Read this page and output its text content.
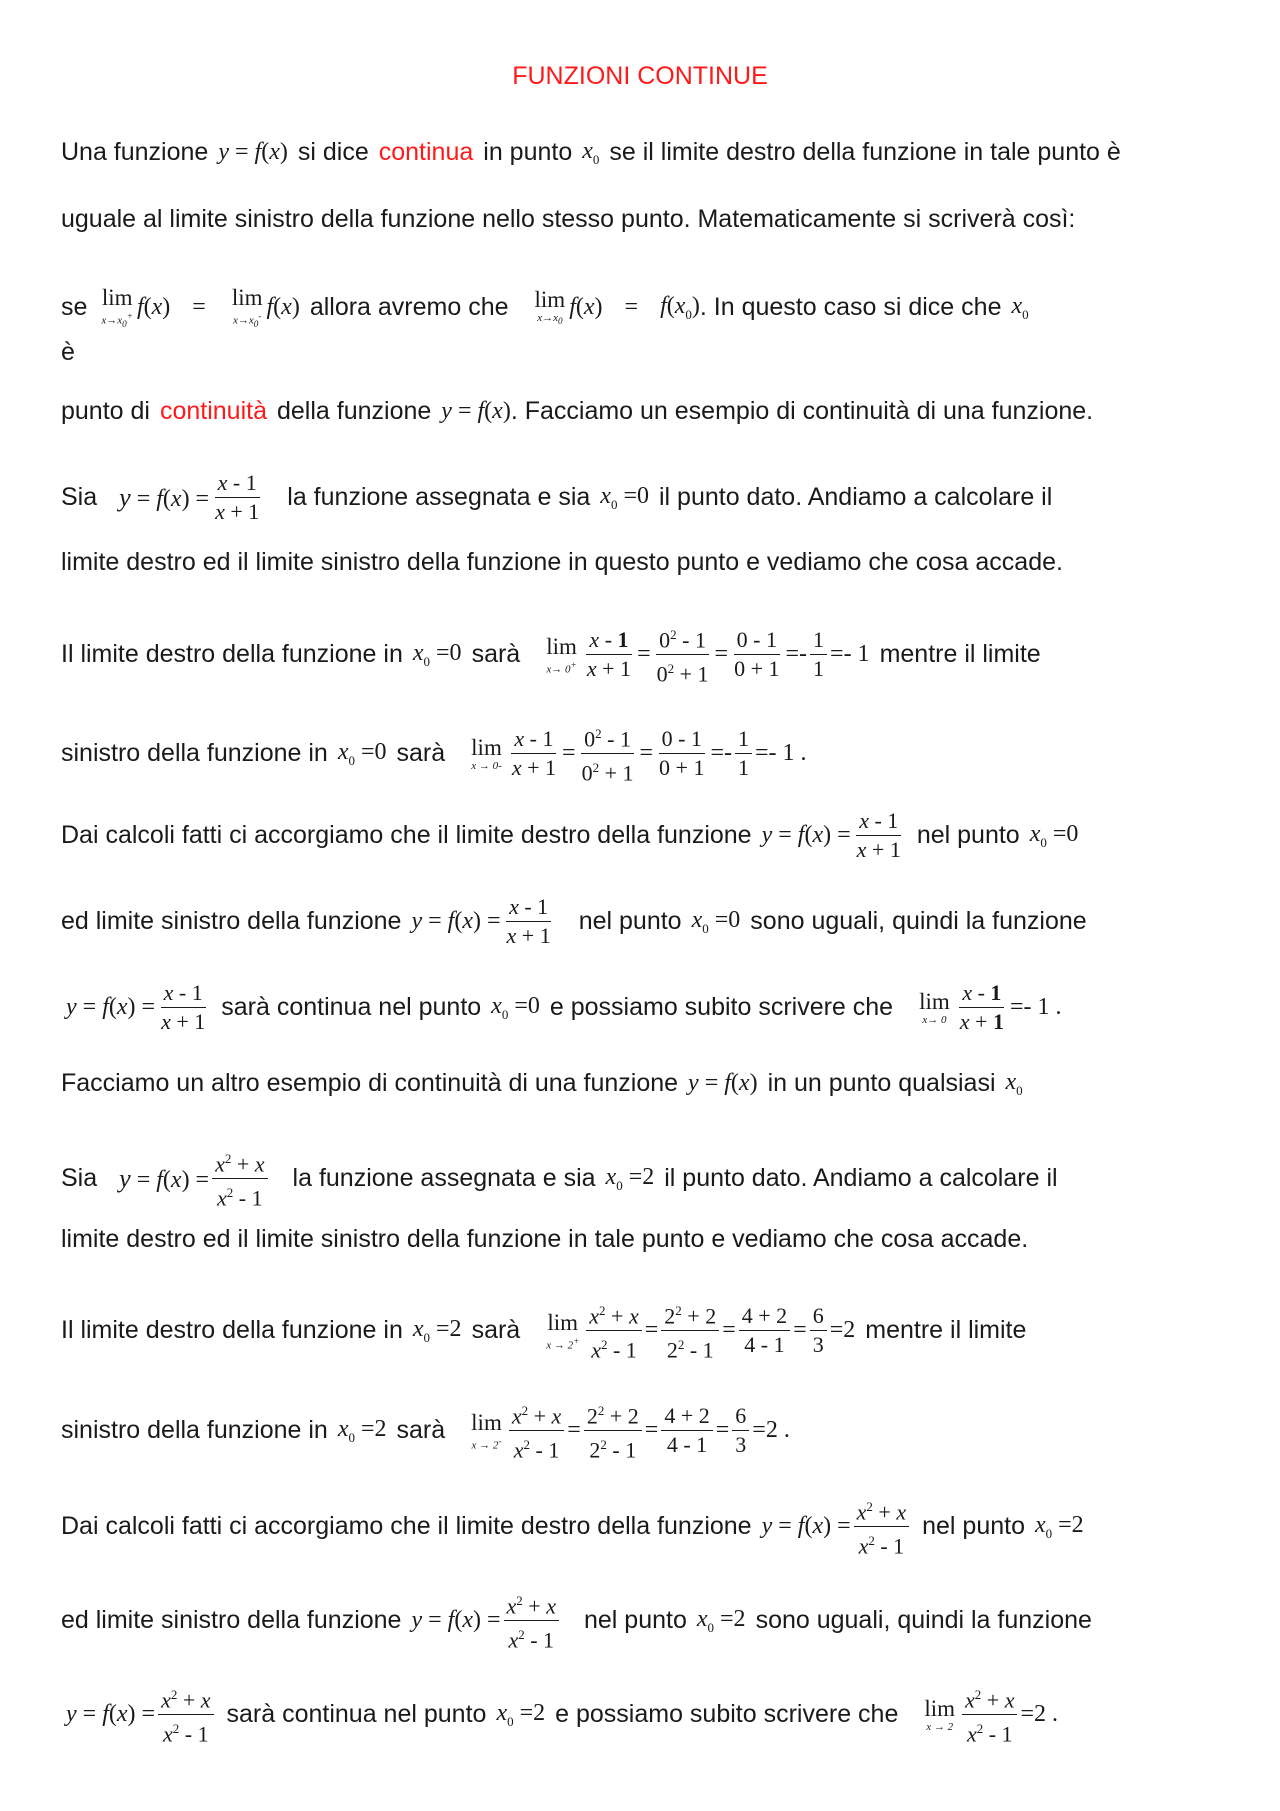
FUNZIONI CONTINUE
Una funzione y = f(x) si dice continua in punto $x_0$ se il limite destro della funzione in tale punto è
uguale al limite sinistro della funzione nello stesso punto. Matematicamente si scriverà così:
se lim
$x\to x_0^+$ f(x) = lim
$x\to x_0^-$ f(x) allora avremo che lim
$x\to x_0$
$f(x) = f(x_0)$ . In questo caso si dice che $x_0$
è
punto di continuità della funzione y = f(x) . Facciamo un esempio di continuità di una funzione.
Sia $y = f(x) = \frac{x - 1}{x + 1}$ la funzione assegnata e sia $x_0 =0$ il punto dato. Andiamo a calcolare il
limite destro ed il limite sinistro della funzione in questo punto e vediamo che cosa accade.
Il limite destro della funzione in $x_0 =0$ sarà lim
$x\to 0^+ \frac{x - 1}{x + 1} = \frac{0^2 - 1}{0^2 + 1} = \frac{0 - 1}{0 + 1} =- \frac{1}{1} =- 1$ mentre il limite
sinistro della funzione in $x_0 =0$ sarà lim
$x \to 0- \frac{x - 1}{x + 1} = \frac{0^2 - 1}{0^2 + 1} = \frac{0 - 1}{0 + 1} =- \frac{1}{1} =- 1$ .
Dai calcoli fatti ci accorgiamo che il limite destro della funzione $y = f(x) = \frac{x - 1}{x + 1}$ nel punto $x_0 =0$
ed limite sinistro della funzione $y = f(x) = \frac{x - 1}{x + 1}$ nel punto $x_0 =0$ sono uguali, quindi la funzione
$y = f(x) = \frac{x - 1}{x + 1}$ sarà continua nel punto $x_0 =0$ e possiamo subito scrivere che lim
$x\to 0 \frac{x - 1}{x + 1} =- 1$ .
Facciamo un altro esempio di continuità di una funzione y = f(x) in un punto qualsiasi $x_0$
Sia $y = f(x) = \frac{x^2 + x}{x^2 - 1}$ la funzione assegnata e sia $x_0 =2$ il punto dato. Andiamo a calcolare il
limite destro ed il limite sinistro della funzione in tale punto e vediamo che cosa accade.
Il limite destro della funzione in $x_0 =2$ sarà lim
$x \to 2^+ \frac{x^2 + x}{x^2 - 1} = \frac{2^2 + 2}{2^2 - 1} = \frac{4 + 2}{4 - 1} = \frac{6}{3} =2$ mentre il limite
sinistro della funzione in $x_0 =2$ sarà lim
$x \to 2^- \frac{x^2 + x}{x^2 - 1} = \frac{2^2 + 2}{2^2 - 1} = \frac{4 + 2}{4 - 1} = \frac{6}{3} =2$ .
Dai calcoli fatti ci accorgiamo che il limite destro della funzione $y = f(x) = \frac{x^2 + x}{x^2 - 1}$ nel punto $x_0 =2$
ed limite sinistro della funzione $y = f(x) = \frac{x^2 + x}{x^2 - 1}$ nel punto $x_0 =2$ sono uguali, quindi la funzione
$y = f(x) = \frac{x^2 + x}{x^2 - 1}$ sarà continua nel punto $x_0 =2$ e possiamo subito scrivere che lim
$x \to 2 \frac{x^2 + x}{x^2 - 1} =2$ .
